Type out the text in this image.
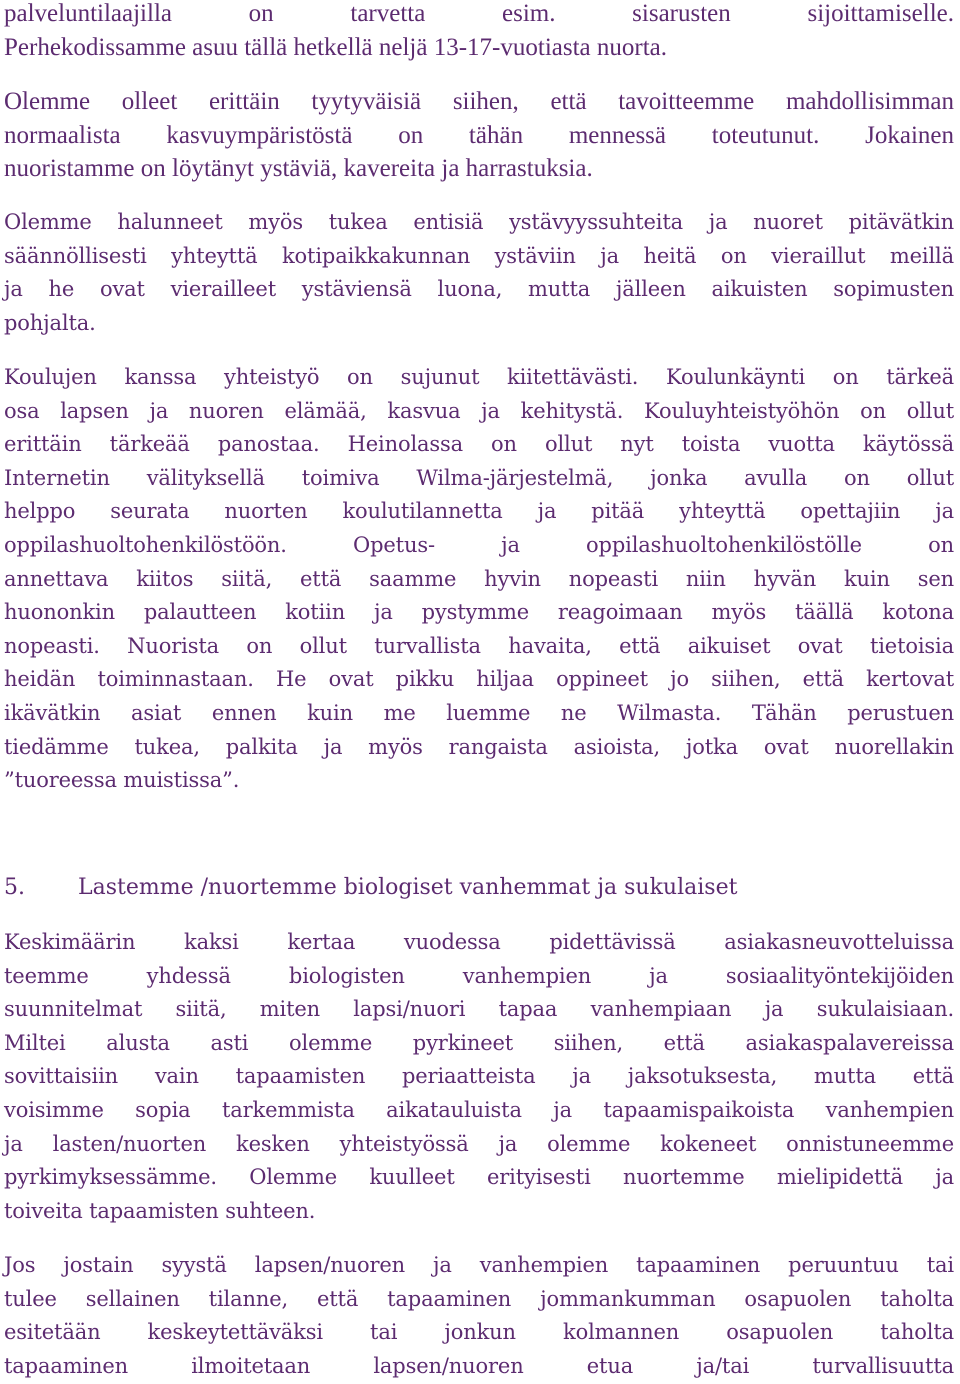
palveluntilaajilla on tarvetta esim. sisarusten sijoittamiselle.
Perhekodissamme asuu tällä hetkellä neljä 13-17-vuotiasta nuorta.
Olemme olleet erittäin tyytyväisiä siihen, että tavoitteemme mahdollisimman
normaalista kasvuympäristöstä on tähän mennessä toteutunut. Jokainen
nuoristamme on löytänyt ystäviä, kavereita ja harrastuksia.
Olemme halunneet myös tukea entisiä ystävyyssuhteita ja nuoret pitävätkin
säännöllisesti yhteyttä kotipaikkakunnan ystäviin ja heitä on vieraillut meillä
ja he ovat vierailleet ystäviensä luona, mutta jälleen aikuisten sopimusten
pohjalta.
Koulujen kanssa yhteistyö on sujunut kiitettävästi. Koulunkäynti on tärkeä
osa lapsen ja nuoren elämää, kasvua ja kehitystä. Kouluyhteistyöhön on ollut
erittäin tärkeää panostaa. Heinolassa on ollut nyt toista vuotta käytössä
Internetin välityksellä toimiva Wilma-järjestelmä, jonka avulla on ollut
helppo seurata nuorten koulutilannetta ja pitää yhteyttä opettajiin ja
oppilashuoltohenkilöstöön. Opetus- ja oppilashuoltohenkilöstölle on
annettava kiitos siitä, että saamme hyvin nopeasti niin hyvän kuin sen
huononkin palautteen kotiin ja pystymme reagoimaan myös täällä kotona
nopeasti. Nuorista on ollut turvallista havaita, että aikuiset ovat tietoisia
heidän toiminnastaan. He ovat pikku hiljaa oppineet jo siihen, että kertovat
ikävätkin asiat ennen kuin me luemme ne Wilmasta. Tähän perustuen
tiedämme tukea, palkita ja myös rangaista asioista, jotka ovat nuorellakin
”tuoreessa muistissa”.
5. Lastemme /nuortemme biologiset vanhemmat ja sukulaiset
Keskimäärin kaksi kertaa vuodessa pidettävissä asiakasneuvotteluissa
teemme yhdessä biologisten vanhempien ja sosiaalityöntekijöiden
suunnitelmat siitä, miten lapsi/nuori tapaa vanhempiaan ja sukulaisiaan.
Miltei alusta asti olemme pyrkineet siihen, että asiakaspalavereissa
sovittaisiin vain tapaamisten periaatteista ja jaksotuksesta, mutta että
voisimme sopia tarkemmista aikatauluista ja tapaamispaikoista vanhempien
ja lasten/nuorten kesken yhteistyössä ja olemme kokeneet onnistuneemme
pyrkimyksessämme. Olemme kuulleet erityisesti nuortemme mielipidettä ja
toiveita tapaamisten suhteen.
Jos jostain syystä lapsen/nuoren ja vanhempien tapaaminen peruuntuu tai
tulee sellainen tilanne, että tapaaminen jommankumman osapuolen taholta
esitetään keskeytettäväksi tai jonkun kolmannen osapuolen taholta
tapaaminen ilmoitetaan lapsen/nuoren etua ja/tai turvallisuutta
